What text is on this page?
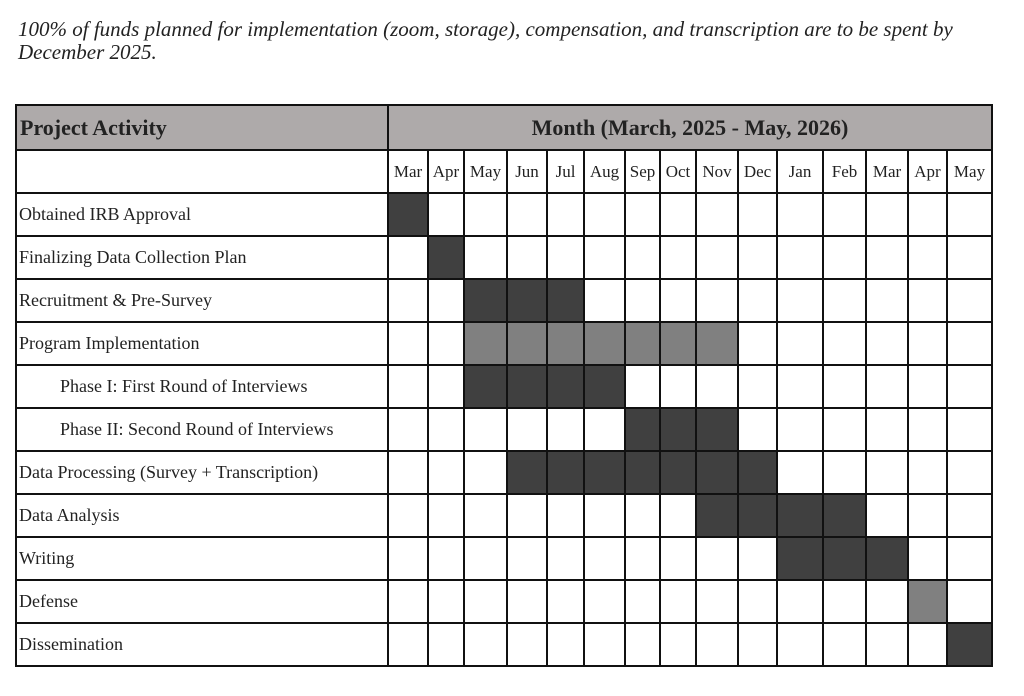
100% of funds planned for implementation (zoom, storage), compensation, and transcription are to be spent by December 2025.
Project Activity	Month (March, 2025 - May, 2026)														
	Mar	Apr	May	Jun	Jul	Aug	Sep	Oct	Nov	Dec	Jan	Feb	Mar	Apr	May
Obtained IRB Approval															
Finalizing Data Collection Plan															
Recruitment & Pre-Survey															
Program Implementation															
Phase I: First Round of Interviews															
Phase II: Second Round of Interviews															
Data Processing (Survey + Transcription)															
Data Analysis															
Writing															
Defense															
Dissemination															
